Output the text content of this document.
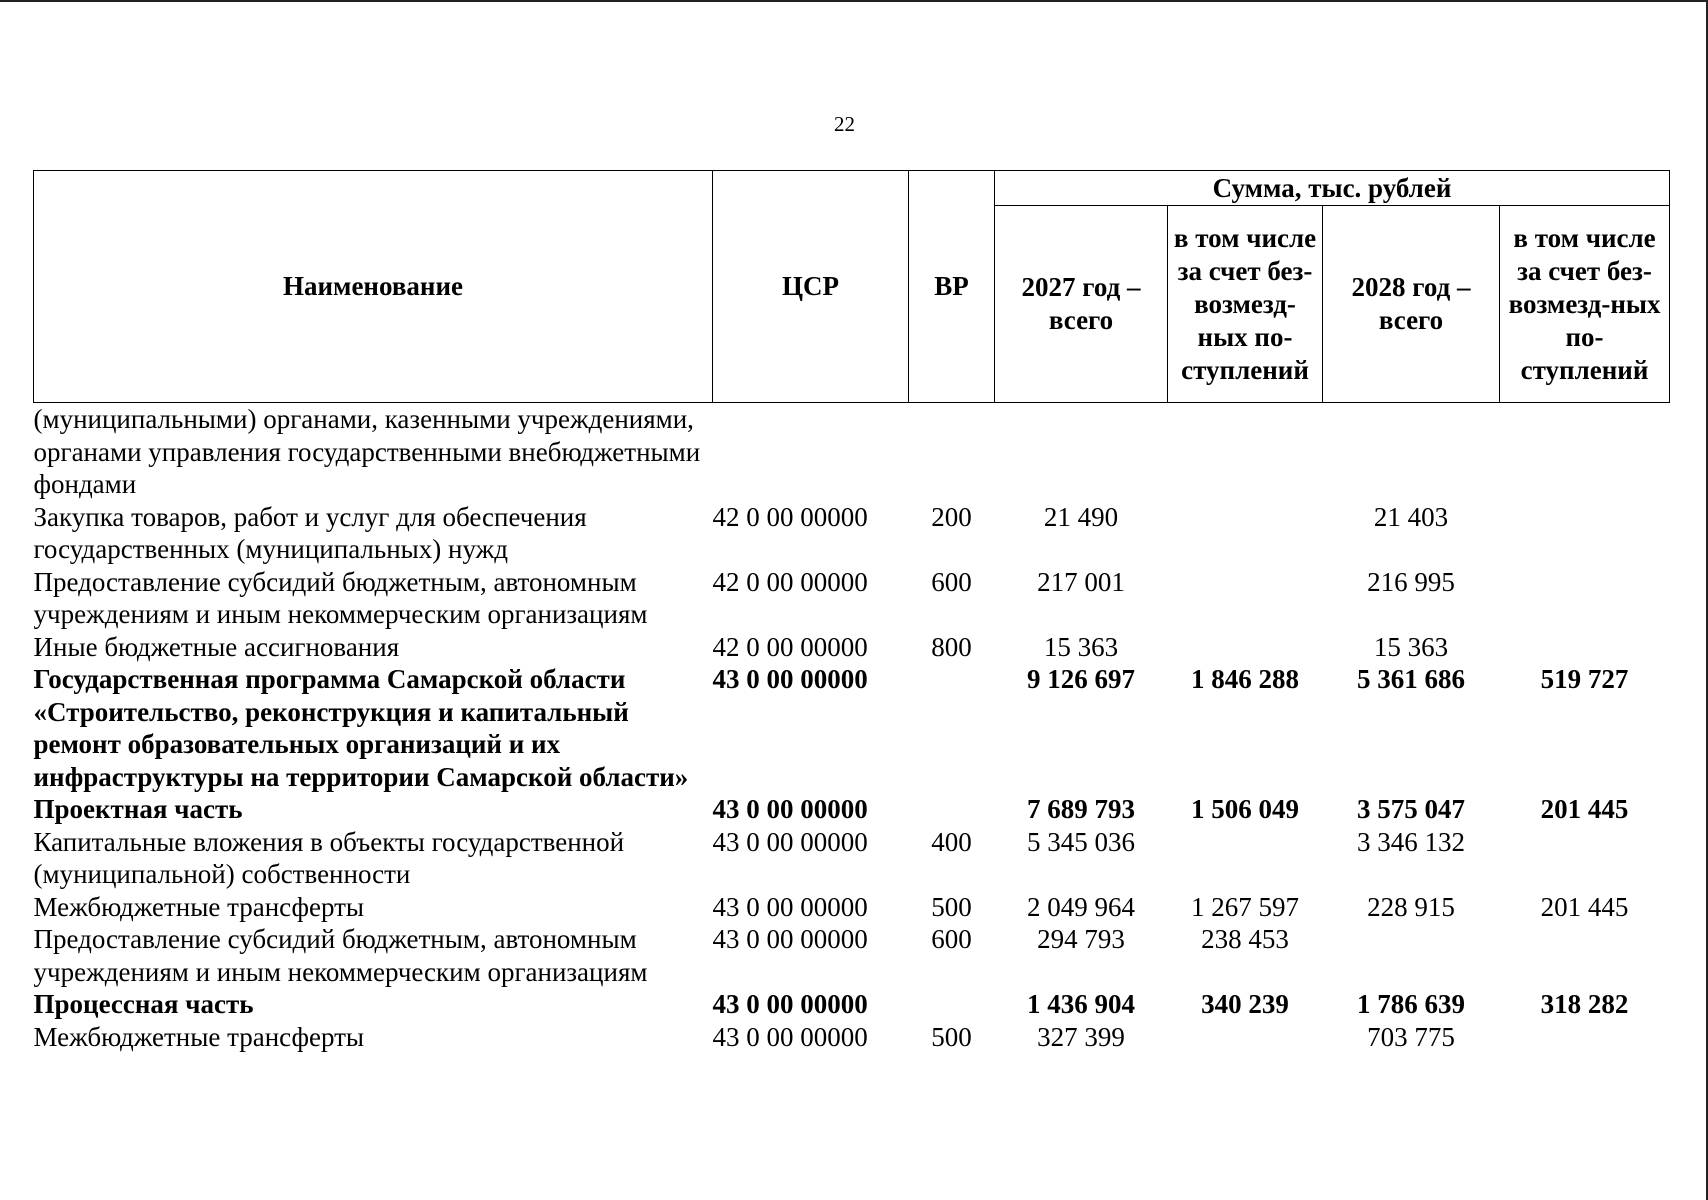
22
Наименование	ЦСР	ВР	Сумма, тыс. рублей			
			2027 год – всего	в том числе за счет без-возмезд-ных по-ступлений	2028 год – всего	в том числе за счет без-возмезд-ных по-ступлений
(муниципальными) органами, казенными учреждениями, органами управления государственными внебюджетными фондами						
Закупка товаров, работ и услуг для обеспечения государственных (муниципальных) нужд	42 0 00 00000	200	21 490		21 403	
Предоставление субсидий бюджетным, автономным учреждениям и иным некоммерческим организациям	42 0 00 00000	600	217 001		216 995	
Иные бюджетные ассигнования	42 0 00 00000	800	15 363		15 363	
Государственная программа Самарской области «Строительство, реконструкция и капитальный ремонт образовательных организаций и их инфраструктуры на территории Самарской области»	43 0 00 00000		9 126 697	1 846 288	5 361 686	519 727
Проектная часть	43 0 00 00000		7 689 793	1 506 049	3 575 047	201 445
Капитальные вложения в объекты государственной (муниципальной) собственности	43 0 00 00000	400	5 345 036		3 346 132	
Межбюджетные трансферты	43 0 00 00000	500	2 049 964	1 267 597	228 915	201 445
Предоставление субсидий бюджетным, автономным учреждениям и иным некоммерческим организациям	43 0 00 00000	600	294 793	238 453		
Процессная часть	43 0 00 00000		1 436 904	340 239	1 786 639	318 282
Межбюджетные трансферты	43 0 00 00000	500	327 399		703 775	
